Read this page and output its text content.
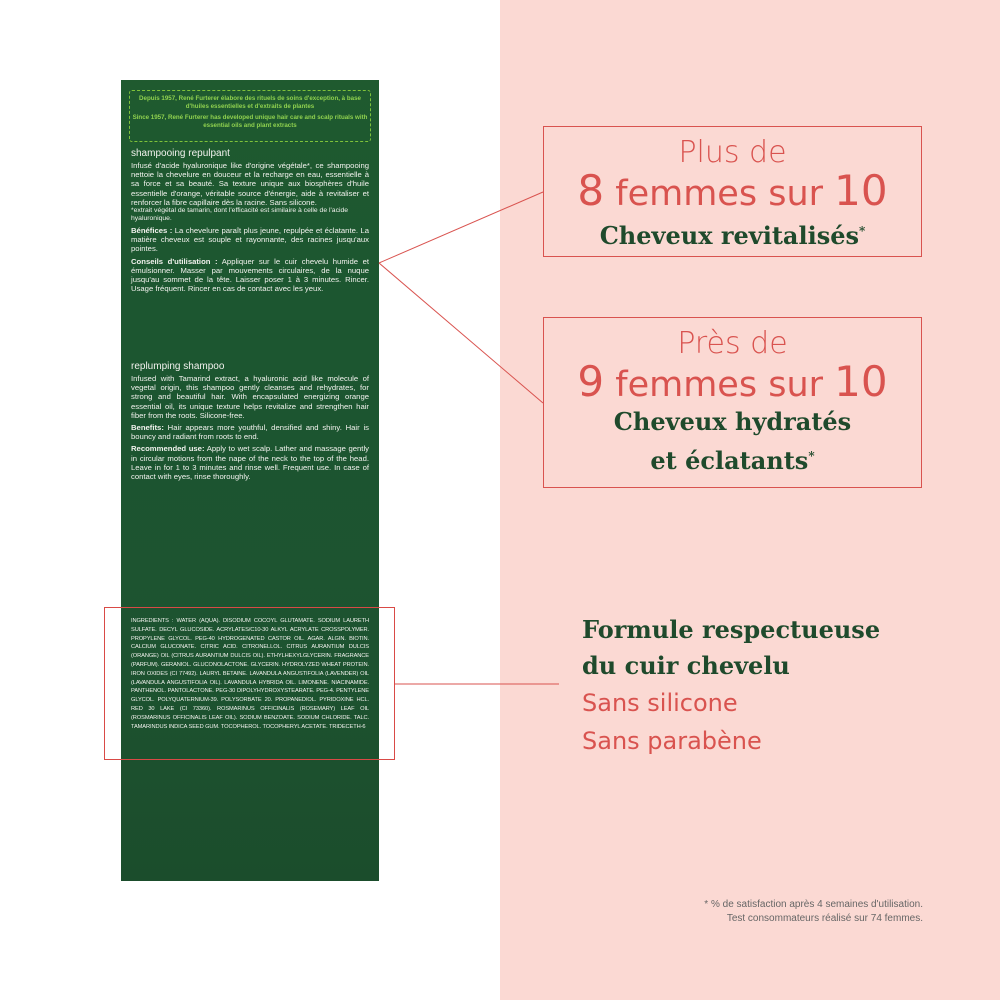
Depuis 1957, René Furterer élabore des rituels de soins d'exception, à base d'huiles essentielles et d'extraits de plantes

Since 1957, René Furterer has developed unique hair care and scalp rituals with essential oils and plant extracts

shampooing repulpant

Infusé d'acide hyaluronique like d'origine végétale*, ce shampooing nettoie la chevelure en douceur et la recharge en eau, essentielle à sa force et sa beauté. Sa texture unique aux biosphères d'huile essentielle d'orange, véritable source d'énergie, aide à revitaliser et renforcer la fibre capillaire dès la racine. Sans silicone.

*extrait végétal de tamarin, dont l'efficacité est similaire à celle de l'acide hyaluronique.

Bénéfices : La chevelure paraît plus jeune, repulpée et éclatante. La matière cheveux est souple et rayonnante, des racines jusqu'aux pointes.

Conseils d'utilisation : Appliquer sur le cuir chevelu humide et émulsionner. Masser par mouvements circulaires, de la nuque jusqu'au sommet de la tête. Laisser poser 1 à 3 minutes. Rincer. Usage fréquent. Rincer en cas de contact avec les yeux.

replumping shampoo

Infused with Tamarind extract, a hyaluronic acid like molecule of vegetal origin, this shampoo gently cleanses and rehydrates, for strong and beautiful hair. With encapsulated energizing orange essential oil, its unique texture helps revitalize and strengthen hair fiber from the roots. Silicone-free.

Benefits: Hair appears more youthful, densified and shiny. Hair is bouncy and radiant from roots to end.

Recommended use: Apply to wet scalp. Lather and massage gently in circular motions from the nape of the neck to the top of the head. Leave in for 1 to 3 minutes and rinse well. Frequent use. In case of contact with eyes, rinse thoroughly.

INGREDIENTS : WATER (AQUA). DISODIUM COCOYL GLUTAMATE. SODIUM LAURETH SULFATE. DECYL GLUCOSIDE. ACRYLATES/C10-30 ALKYL ACRYLATE CROSSPOLYMER. PROPYLENE GLYCOL. PEG-40 HYDROGENATED CASTOR OIL. AGAR. ALGIN. BIOTIN. CALCIUM GLUCONATE. CITRIC ACID. CITRONELLOL. CITRUS AURANTIUM DULCIS (ORANGE) OIL (CITRUS AURANTIUM DULCIS OIL). ETHYLHEXYLGLYCERIN. FRAGRANCE (PARFUM). GERANIOL. GLUCONOLACTONE. GLYCERIN. HYDROLYZED WHEAT PROTEIN. IRON OXIDES (CI 77492). LAURYL BETAINE. LAVANDULA ANGUSTIFOLIA (LAVENDER) OIL (LAVANDULA ANGUSTIFOLIA OIL). LAVANDULA HYBRIDA OIL. LIMONENE. NIACINAMIDE. PANTHENOL. PANTOLACTONE. PEG-30 DIPOLYHYDROXYSTEARATE. PEG-4. PENTYLENE GLYCOL. POLYQUATERNIUM-39. POLYSORBATE 20. PROPANEDIOL. PYRIDOXINE HCL. RED 30 LAKE (CI 73360). ROSMARINUS OFFICINALIS (ROSEMARY) LEAF OIL (ROSMARINUS OFFICINALIS LEAF OIL). SODIUM BENZOATE. SODIUM CHLORIDE. TALC. TAMARINDUS INDICA SEED GUM. TOCOPHEROL. TOCOPHERYL ACETATE. TRIDECETH-6
Plus de
8 femmes sur 10
Cheveux revitalisés*
Près de
9 femmes sur 10
Cheveux hydratés
et éclatants*
Formule respectueuse
du cuir chevelu
Sans silicone
Sans parabène
* % de satisfaction après 4 semaines d'utilisation.
Test consommateurs réalisé sur 74 femmes.
